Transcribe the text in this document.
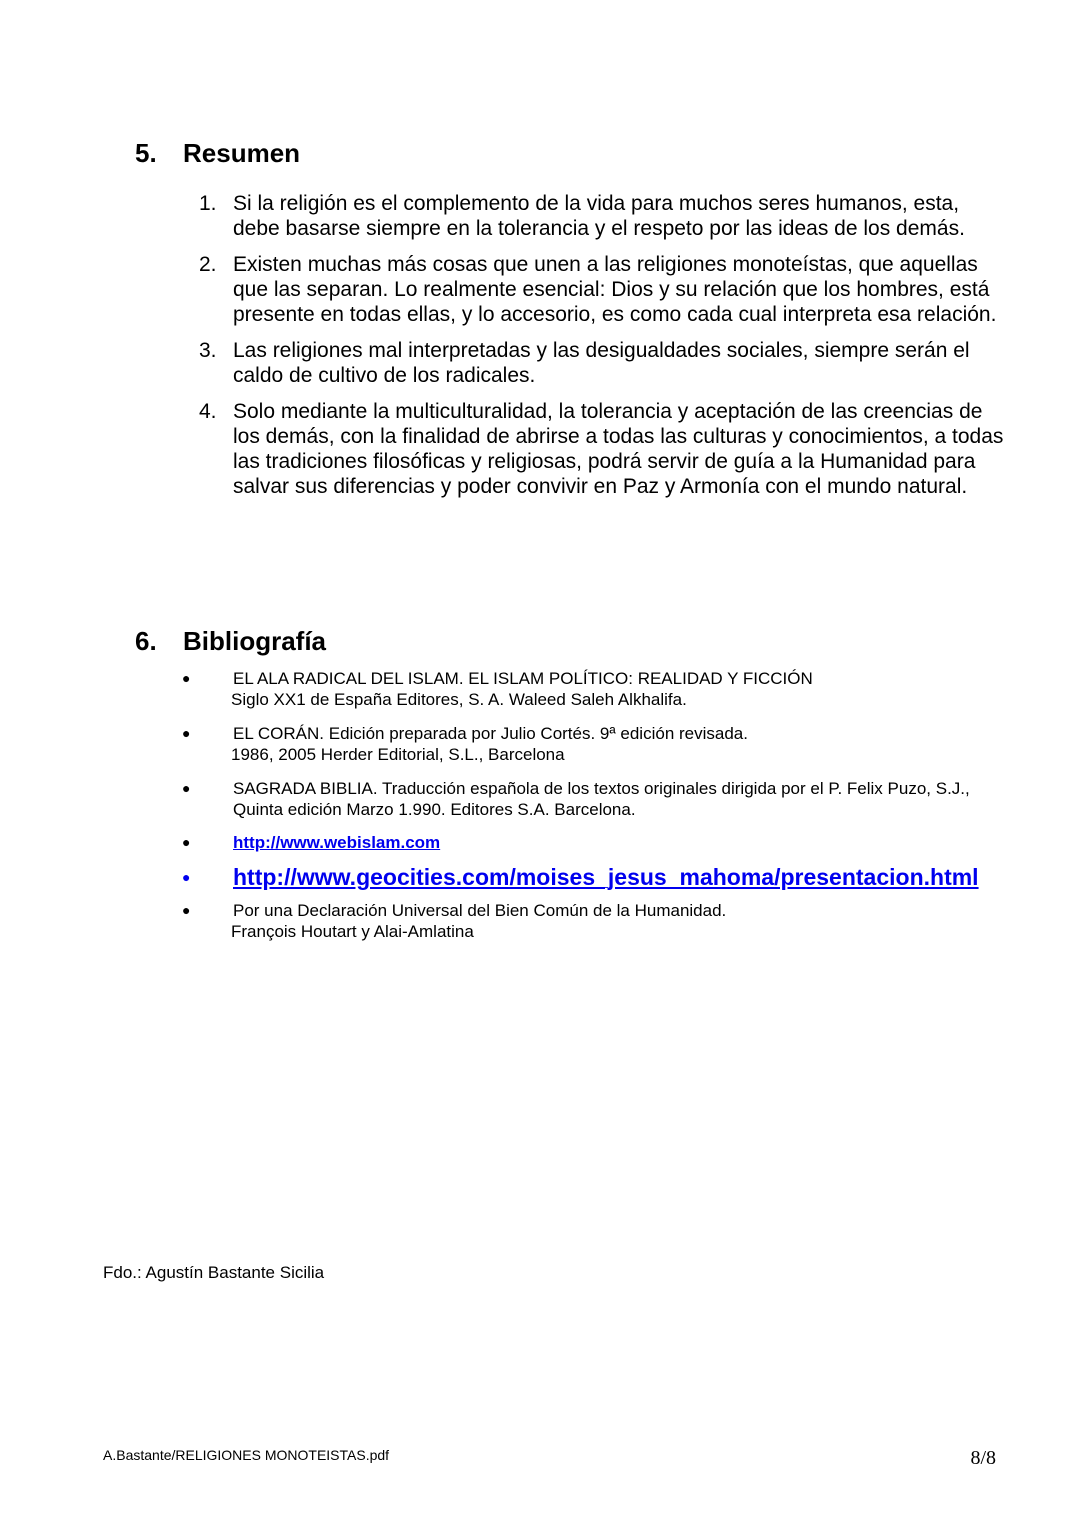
5. Resumen
1. Si la religión es el complemento de la vida para muchos seres humanos, esta, debe basarse siempre en la tolerancia y el respeto por las ideas de los demás.
2. Existen muchas más cosas que unen a las religiones monoteístas, que aquellas que las separan. Lo realmente esencial: Dios y su relación que los hombres, está presente en todas ellas, y lo accesorio, es como cada cual interpreta esa relación.
3. Las religiones mal interpretadas y las desigualdades sociales, siempre serán el caldo de cultivo de los radicales.
4. Solo mediante la multiculturalidad, la tolerancia y aceptación de las creencias de los demás, con la finalidad de abrirse a todas las culturas y conocimientos, a todas las tradiciones filosóficas y religiosas, podrá servir de guía a la Humanidad para salvar sus diferencias y poder convivir en Paz y Armonía con el mundo natural.
6. Bibliografía
●	EL ALA RADICAL DEL ISLAM. EL ISLAM POLÍTICO: REALIDAD Y FICCIÓN
Siglo XX1 de España Editores, S. A. Waleed Saleh Alkhalifa.
●	EL CORÁN. Edición preparada por Julio Cortés. 9ª edición revisada.
1986, 2005 Herder Editorial, S.L., Barcelona
●	SAGRADA BIBLIA. Traducción española de los textos originales dirigida por el P. Felix Puzo, S.J., Quinta edición Marzo 1.990. Editores S.A. Barcelona.
●	http://www.webislam.com
● http://www.geocities.com/moises_jesus_mahoma/presentacion.html
●	Por una Declaración Universal del Bien Común de la Humanidad.
François Houtart y Alai-Amlatina

Fdo.: Agustín Bastante Sicilia

A.Bastante/RELIGIONES MONOTEISTAS.pdf	8/8
